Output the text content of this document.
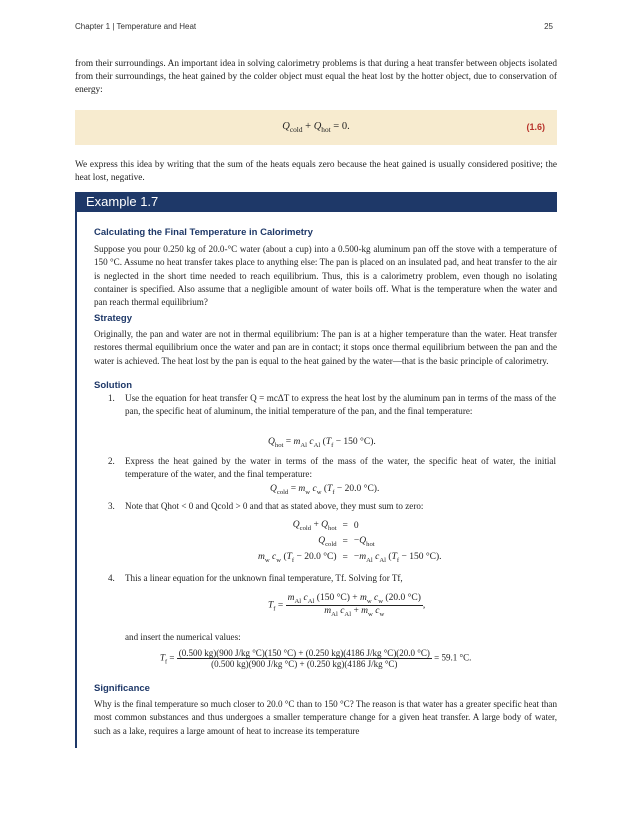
Chapter 1 | Temperature and Heat	25
from their surroundings. An important idea in solving calorimetry problems is that during a heat transfer between objects isolated from their surroundings, the heat gained by the colder object must equal the heat lost by the hotter object, due to conservation of energy:
$Q_{cold} + Q_{hot} = 0$.	(1.6)
We express this idea by writing that the sum of the heats equals zero because the heat gained is usually considered positive; the heat lost, negative.
Example 1.7
Calculating the Final Temperature in Calorimetry
Suppose you pour 0.250 kg of 20.0-°C water (about a cup) into a 0.500-kg aluminum pan off the stove with a temperature of 150 °C. Assume no heat transfer takes place to anything else: The pan is placed on an insulated pad, and heat transfer to the air is neglected in the short time needed to reach equilibrium. Thus, this is a calorimetry problem, even though no isolating container is specified. Also assume that a negligible amount of water boils off. What is the temperature when the water and pan reach thermal equilibrium?
Strategy
Originally, the pan and water are not in thermal equilibrium: The pan is at a higher temperature than the water. Heat transfer restores thermal equilibrium once the water and pan are in contact; it stops once thermal equilibrium between the pan and the water is achieved. The heat lost by the pan is equal to the heat gained by the water—that is the basic principle of calorimetry.
Solution
1. Use the equation for heat transfer Q = mcΔT to express the heat lost by the aluminum pan in terms of the mass of the pan, the specific heat of aluminum, the initial temperature of the pan, and the final temperature:
$Q_{hot} = m_{Al}$ $c_{Al}$ ($T_f - 150$ °C).
2. Express the heat gained by the water in terms of the mass of the water, the specific heat of water, the initial temperature of the water, and the final temperature:
$Q_{cold} = m_w$ $c_w$ ($T_f - 20.0$ °C).
3. Note that Qhot < 0 and Qcold > 0 and that as stated above, they must sum to zero:
$Q_{cold} + Q_{hot}$	=	0
$Q_{cold}$	=	$-Q_{hot}$
$m_w$ $c_w$ ($T_f - 20.0$ °C)	=	$-m_{Al}$ $c_{Al}$ ($T_f - 150$ °C).
4. This a linear equation for the unknown final temperature, Tf. Solving for Tf,
$T_f = \frac{m_{Al} c_{Al} (150 ^\circ C) + m_w c_w (20.0 ^\circ C)}{m_{Al} c_{Al} + m_w c_w}$ ,
and insert the numerical values:
$T_f = (0.500$ kg)(900 J/kg °C)(150 °C) + (0.250 kg)(4186 J/kg °C)(20.0 °C)
(0.500 kg)(900 J/kg °C) + (0.250 kg)(4186 J/kg °C)
= 59.1 °C.
Significance
Why is the final temperature so much closer to 20.0 °C than to 150 °C? The reason is that water has a greater specific heat than most common substances and thus undergoes a smaller temperature change for a given heat transfer. A large body of water, such as a lake, requires a large amount of heat to increase its temperature
